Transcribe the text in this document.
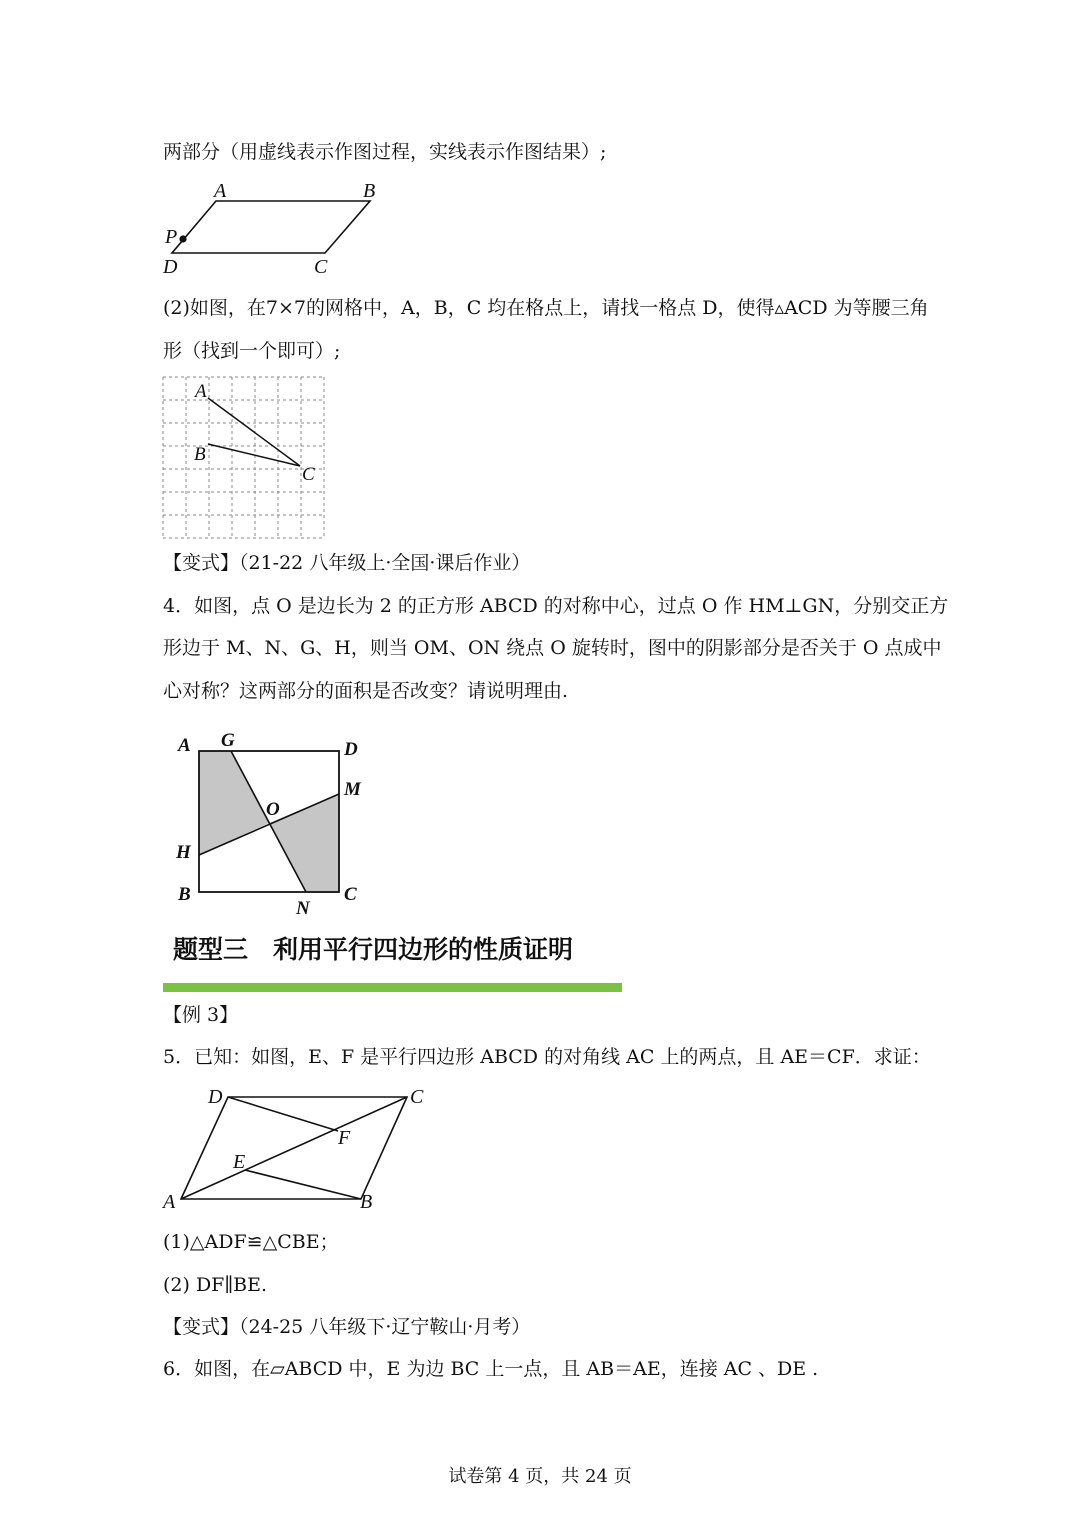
两部分（用虚线表示作图过程，实线表示作图结果）;
A	B
P
D	C
(2)如图，在7×7的网格中，A，B，C 均在格点上，请找一格点 D，使得▵ACD 为等腰三角
形（找到一个即可）;
A
B
C
【变式】（21-22 八年级上·全国·课后作业）
4．如图，点 O 是边长为 2 的正方形 ABCD 的对称中心，过点 O 作 HM⊥GN，分别交正方
形边于 M、N、G、H，则当 OM、ON 绕点 O 旋转时，图中的阴影部分是否关于 O 点成中
心对称？这两部分的面积是否改变？请说明理由.
A G	D
M
O
H
B
N
C
题型三　利用平行四边形的性质证明
【例 3】
5．已知：如图，E、F 是平行四边形 ABCD 的对角线 AC 上的两点，且 AE＝CF．求证：
D	C
F
E
A	B
(1)△ADF≌△CBE；
(2) DF∥BE.
【变式】（24-25 八年级下·辽宁鞍山·月考）
6．如图，在▱ABCD 中，E 为边 BC 上一点，且 AB＝AE，连接 AC 、DE .
试卷第 4 页，共 24 页
